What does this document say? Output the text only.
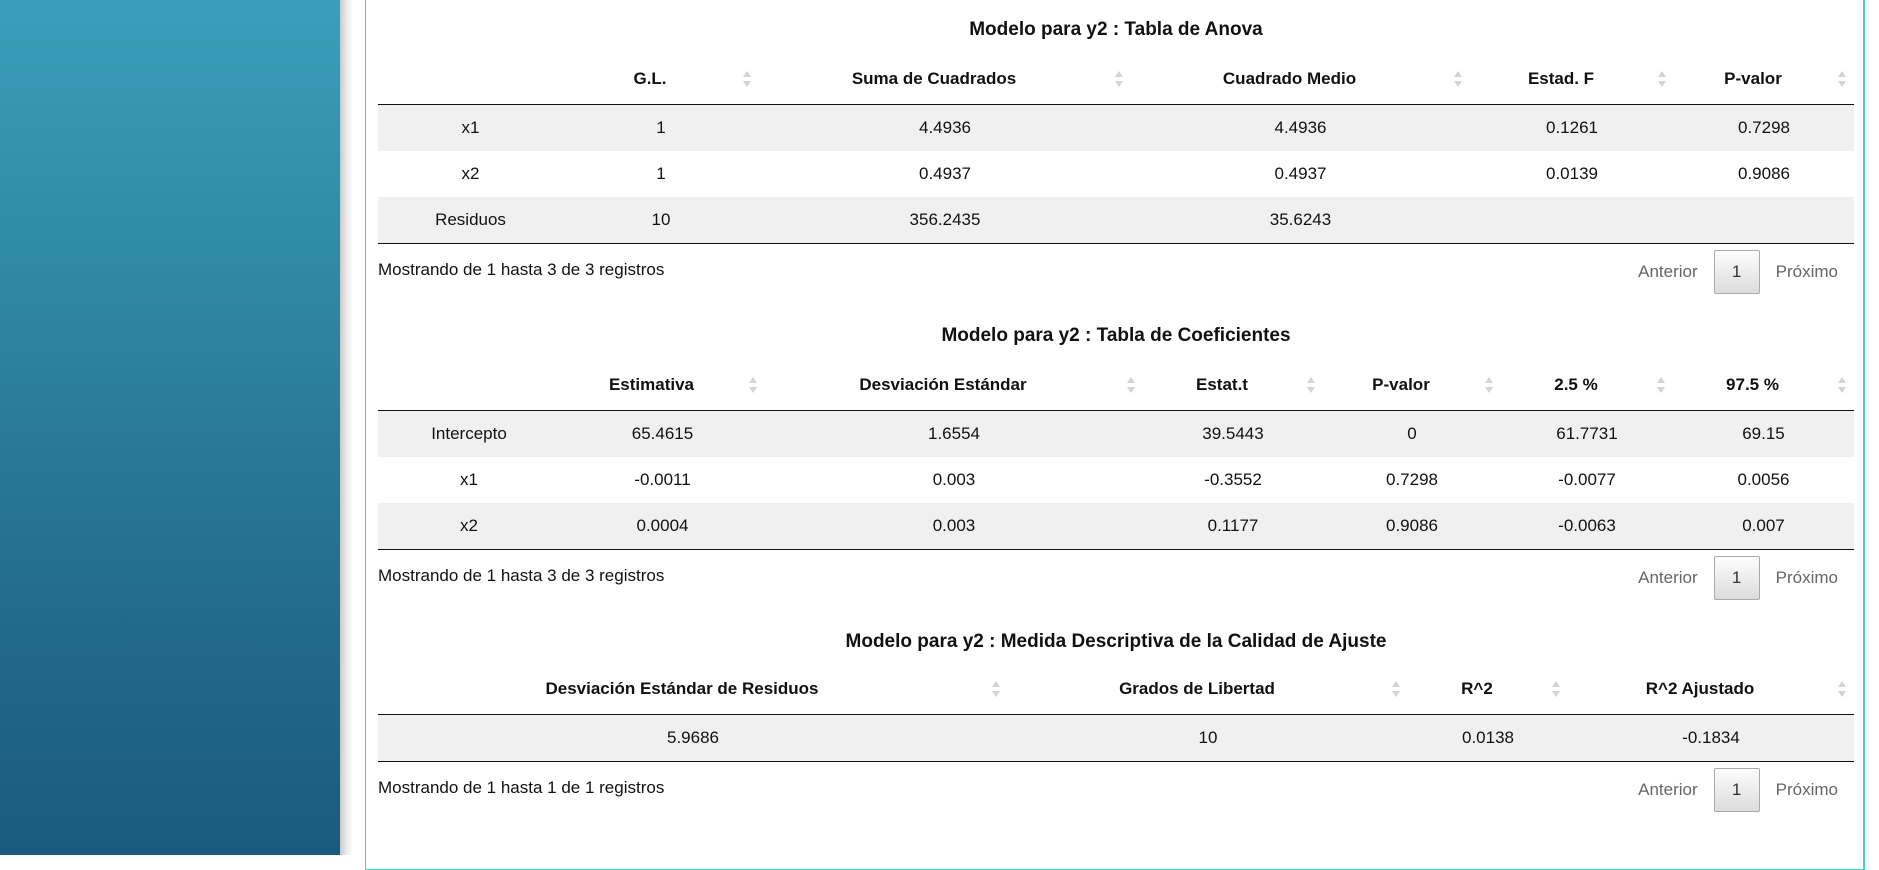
Modelo para y2 : Tabla de Anova
	G.L.	Suma de Cuadrados	Cuadrado Medio	Estad. F	P-valor

x1	1	4.4936	4.4936	0.1261	0.7298
x2	1	0.4937	0.4937	0.0139	0.9086
Residuos	10	356.2435	35.6243		
Mostrando de 1 hasta 3 de 3 registros	Anterior	1	Próximo
Modelo para y2 : Tabla de Coeficientes
	Estimativa	Desviación Estándar	Estat.t	P-valor	2.5 %	97.5 %

Intercepto	65.4615	1.6554	39.5443	0	61.7731	69.15
x1	-0.0011	0.003	-0.3552	0.7298	-0.0077	0.0056
x2	0.0004	0.003	0.1177	0.9086	-0.0063	0.007
Mostrando de 1 hasta 3 de 3 registros	Anterior	1	Próximo
Modelo para y2 : Medida Descriptiva de la Calidad de Ajuste
Desviación Estándar de Residuos	Grados de Libertad	R^2	R^2 Ajustado

5.9686	10	0.0138	-0.1834
Mostrando de 1 hasta 1 de 1 registros	Anterior	1	Próximo
